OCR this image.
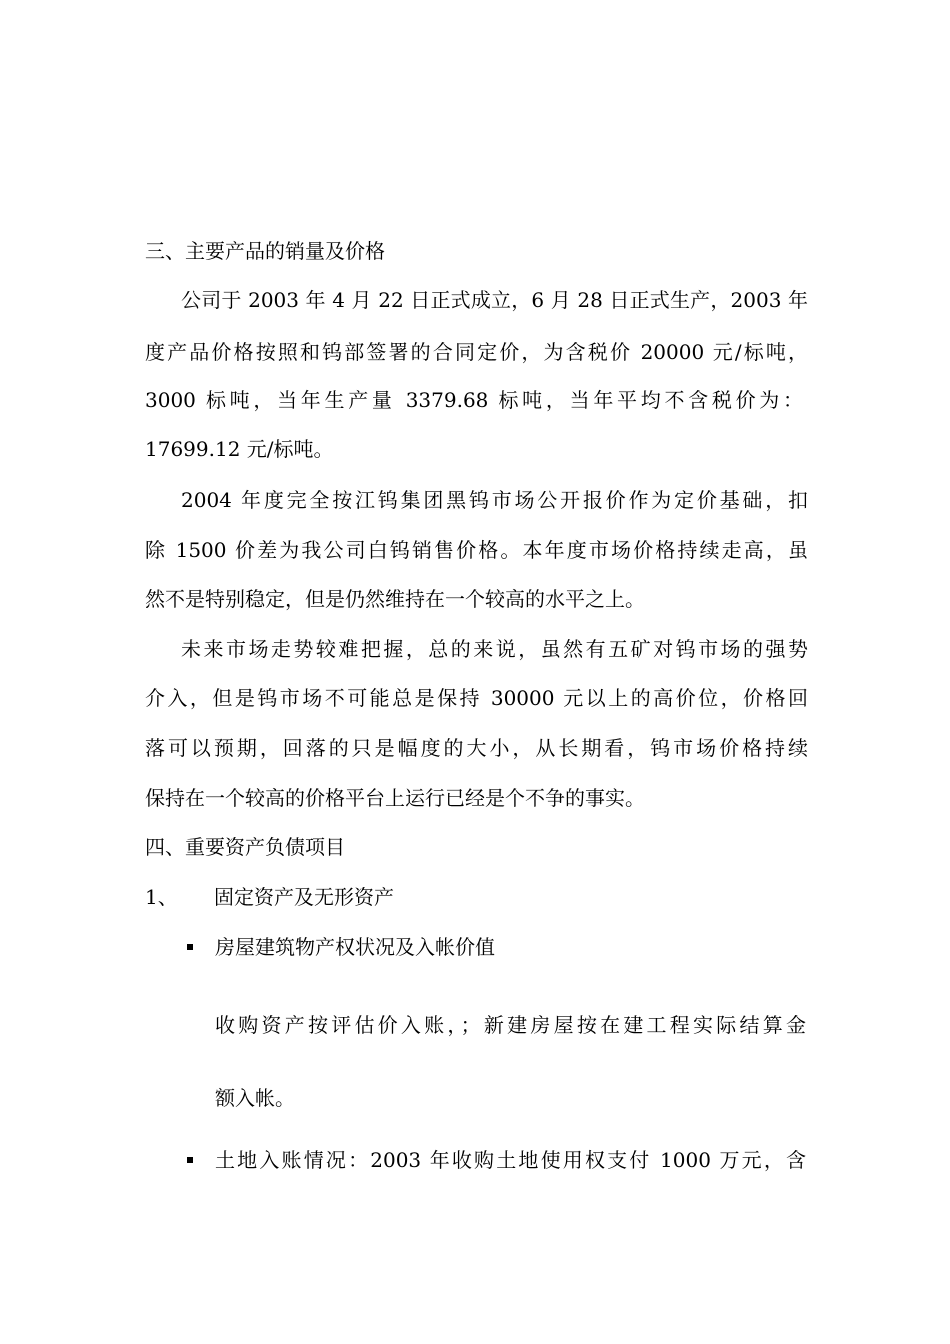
三、主要产品的销量及价格
公司于 2003 年 4 月 22 日正式成立，6 月 28 日正式生产，2003 年
度产品价格按照和钨部签署的合同定价，为含税价 20000 元/标吨，
3000 标吨，当年生产量 3379.68 标吨，当年平均不含税价为：
17699.12 元/标吨。
2004 年度完全按江钨集团黑钨市场公开报价作为定价基础，扣
除 1500 价差为我公司白钨销售价格。本年度市场价格持续走高，虽
然不是特别稳定，但是仍然维持在一个较高的水平之上。
未来市场走势较难把握，总的来说，虽然有五矿对钨市场的强势
介入，但是钨市场不可能总是保持 30000 元以上的高价位，价格回
落可以预期，回落的只是幅度的大小，从长期看，钨市场价格持续
保持在一个较高的价格平台上运行已经是个不争的事实。
四、重要资产负债项目
1、 固定资产及无形资产
房屋建筑物产权状况及入帐价值
收购资产按评估价入账，；新建房屋按在建工程实际结算金
额入帐。
土地入账情况：2003 年收购土地使用权支付 1000 万元，含
